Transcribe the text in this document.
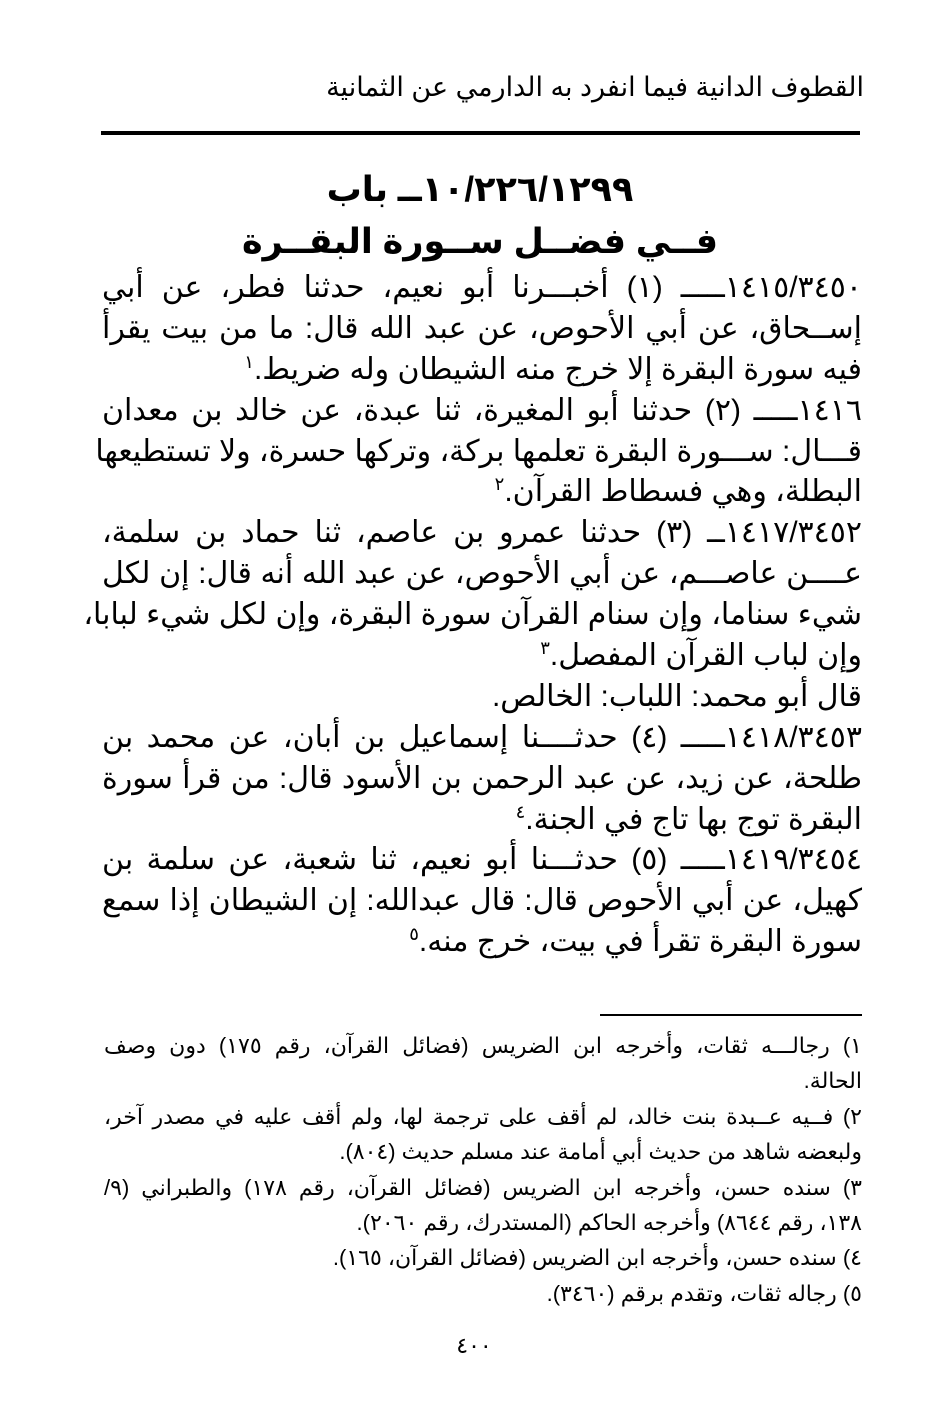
القطوف الدانية فيما انفرد به الدارمي عن الثمانية
١٠/٢٢٦/١٢٩٩ــ باب
فــي فضــل ســورة البقــرة
١٤١٥/٣٤٥٠ـــــ (١) أخبـــرنا أبو نعيم، حدثنا فطر، عن أبي
إســحاق، عن أبي الأحوص، عن عبد الله قال: ما من بيت يقرأ
فيه سورة البقرة إلا خرج منه الشيطان وله ضريط.$^١$
١٤١٦ـــــ (٢) حدثنا أبو المغيرة، ثنا عبدة، عن خالد بن معدان
قـــال: ســـورة البقرة تعلمها بركة، وتركها حسرة، ولا تستطيعها
البطلة، وهي فسطاط القرآن.$^٢$
١٤١٧/٣٤٥٢ــ (٣) حدثنا عمرو بن عاصم، ثنا حماد بن سلمة،
عــــن عاصـــم، عن أبي الأحوص، عن عبد الله أنه قال: إن لكل
شيء سناما، وإن سنام القرآن سورة البقرة، وإن لكل شيء لبابا،
وإن لباب القرآن المفصل.$^٣$
قال أبو محمد: اللباب: الخالص.
١٤١٨/٣٤٥٣ـــــ (٤) حدثــــنا إسماعيل بن أبان، عن محمد بن
طلحة، عن زيد، عن عبد الرحمن بن الأسود قال: من قرأ سورة
البقرة توج بها تاج في الجنة.$^٤$
١٤١٩/٣٤٥٤ـــــ (٥) حدثـــنا أبو نعيم، ثنا شعبة، عن سلمة بن
كهيل، عن أبي الأحوص قال: قال عبدالله: إن الشيطان إذا سمع
سورة البقرة تقرأ في بيت، خرج منه.$^٥$
١) رجالـــه ثقات، وأخرجه ابن الضريس (فضائل القرآن، رقم ١٧٥) دون وصف
الحالة.
٢) فــيه عــبدة بنت خالد، لم أقف على ترجمة لها، ولم أقف عليه في مصدر آخر،
ولبعضه شاهد من حديث أبي أمامة عند مسلم حديث (٨٠٤).
٣) سنده حسن، وأخرجه ابن الضريس (فضائل القرآن، رقم ١٧٨) والطبراني (٩/
١٣٨، رقم ٨٦٤٤) وأخرجه الحاكم (المستدرك، رقم ٢٠٦٠).
٤) سنده حسن، وأخرجه ابن الضريس (فضائل القرآن، ١٦٥).
٥) رجاله ثقات، وتقدم برقم (٣٤٦٠).
٤٠٠
